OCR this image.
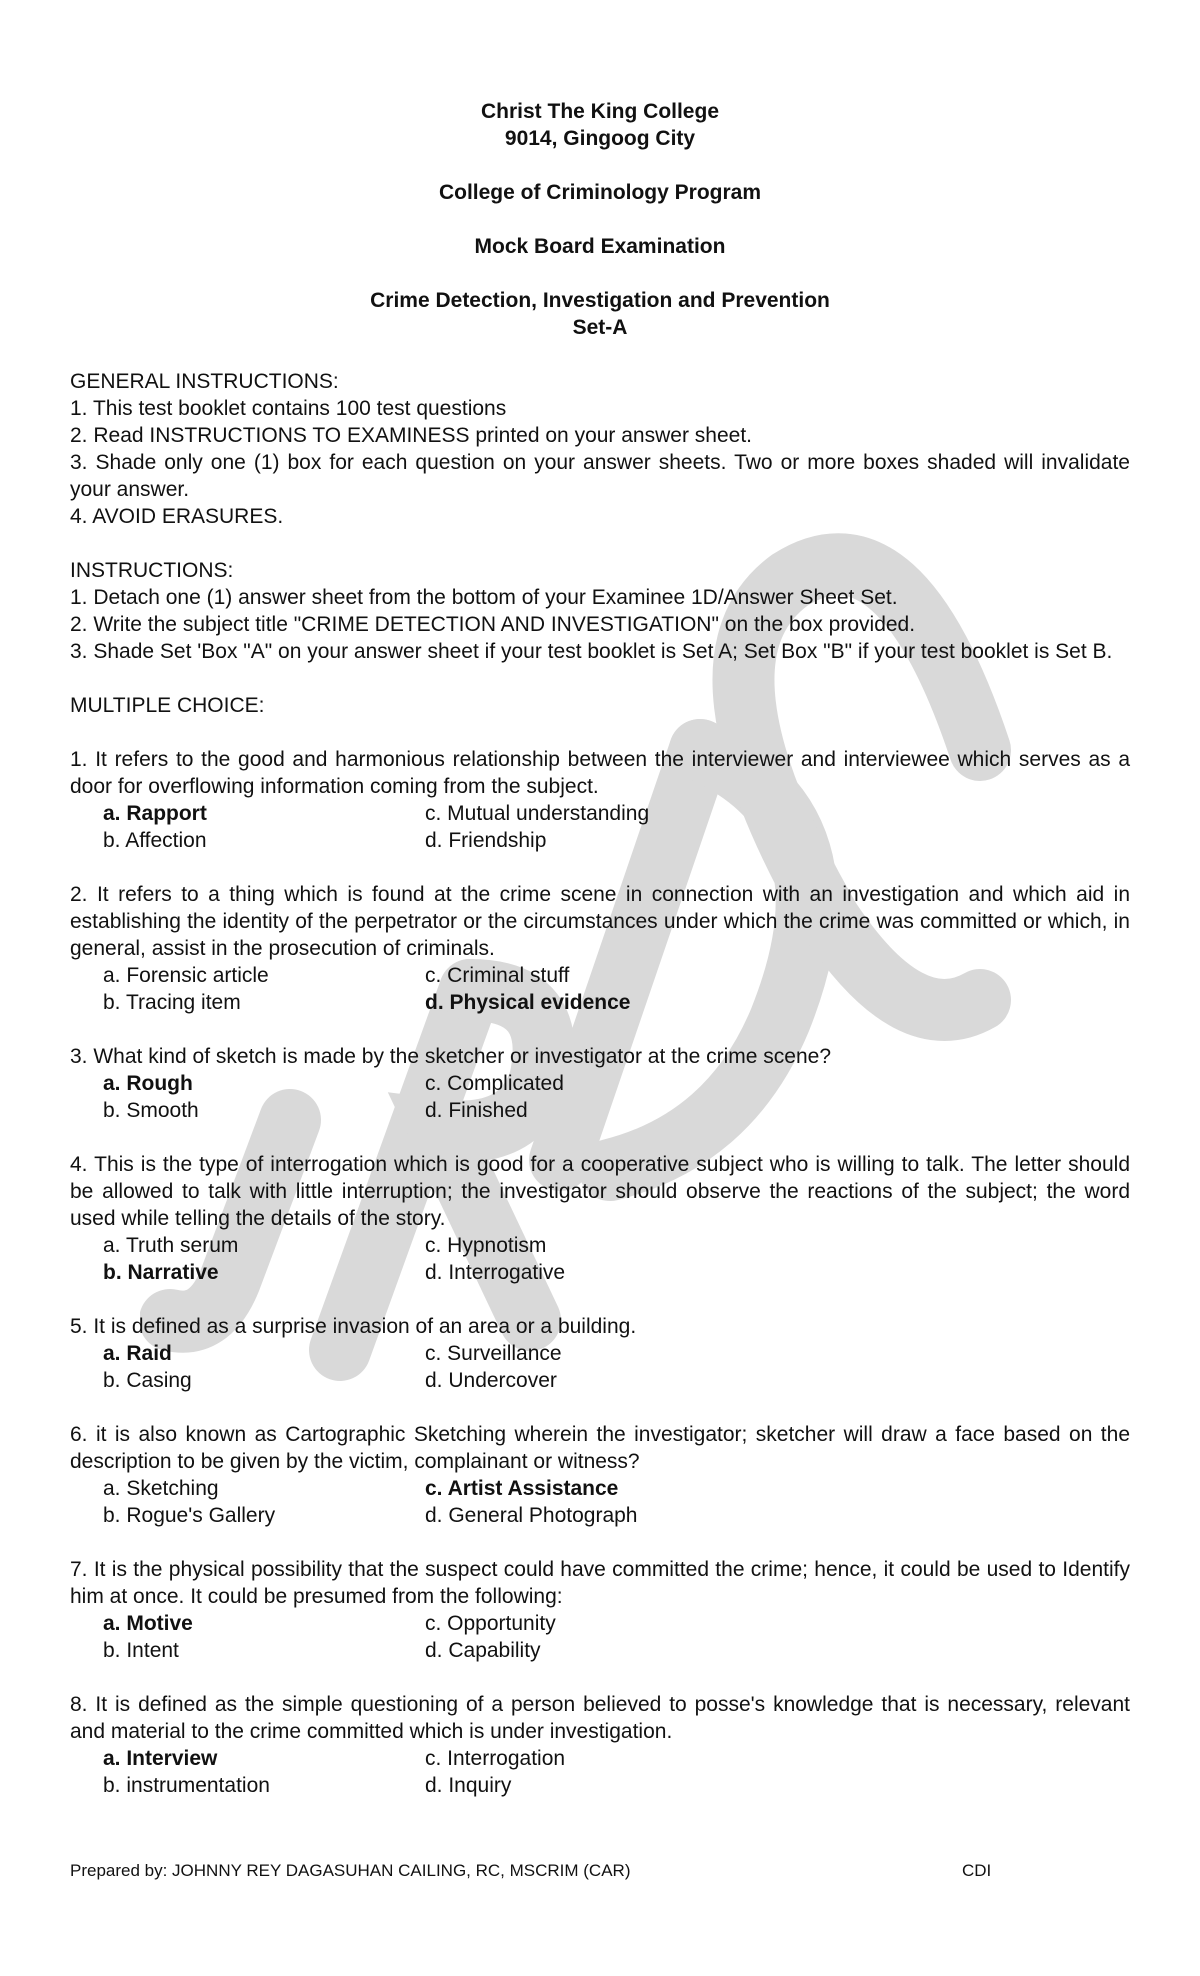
Christ The King College
9014, Gingoog City
College of Criminology Program
Mock Board Examination
Crime Detection, Investigation and Prevention
Set-A
GENERAL INSTRUCTIONS:
1. This test booklet contains 100 test questions
2. Read INSTRUCTIONS TO EXAMINESS printed on your answer sheet.
3. Shade only one (1) box for each question on your answer sheets. Two or more boxes shaded will invalidate your answer.
4. AVOID ERASURES.
INSTRUCTIONS:
1. Detach one (1) answer sheet from the bottom of your Examinee 1D/Answer Sheet Set.
2. Write the subject title "CRIME DETECTION AND INVESTIGATION" on the box provided.
3. Shade Set 'Box "A" on your answer sheet if your test booklet is Set A; Set Box "B" if your test booklet is Set B.
MULTIPLE CHOICE:
1. It refers to the good and harmonious relationship between the interviewer and interviewee which serves as a door for overflowing information coming from the subject.
a. Rapport	c. Mutual understanding
b. Affection	d. Friendship
2. It refers to a thing which is found at the crime scene in connection with an investigation and which aid in establishing the identity of the perpetrator or the circumstances under which the crime was committed or which, in general, assist in the prosecution of criminals.
a. Forensic article	c. Criminal stuff
b. Tracing item	d. Physical evidence
3. What kind of sketch is made by the sketcher or investigator at the crime scene?
a. Rough	c. Complicated
b. Smooth	d. Finished
4. This is the type of interrogation which is good for a cooperative subject who is willing to talk. The letter should be allowed to talk with little interruption; the investigator should observe the reactions of the subject; the word used while telling the details of the story.
a. Truth serum	c. Hypnotism
b. Narrative	d. Interrogative
5. It is defined as a surprise invasion of an area or a building.
a. Raid	c. Surveillance
b. Casing	d. Undercover
6. it is also known as Cartographic Sketching wherein the investigator; sketcher will draw a face based on the description to be given by the victim, complainant or witness?
a. Sketching	c. Artist Assistance
b. Rogue's Gallery	d. General Photograph
7. It is the physical possibility that the suspect could have committed the crime; hence, it could be used to Identify him at once. It could be presumed from the following:
a. Motive	c. Opportunity
b. Intent	d. Capability
8. It is defined as the simple questioning of a person believed to posse's knowledge that is necessary, relevant and material to the crime committed which is under investigation.
a. Interview	c. Interrogation
b. instrumentation	d. Inquiry
Prepared by: JOHNNY REY DAGASUHAN CAILING, RC, MSCRIM (CAR)	CDI
